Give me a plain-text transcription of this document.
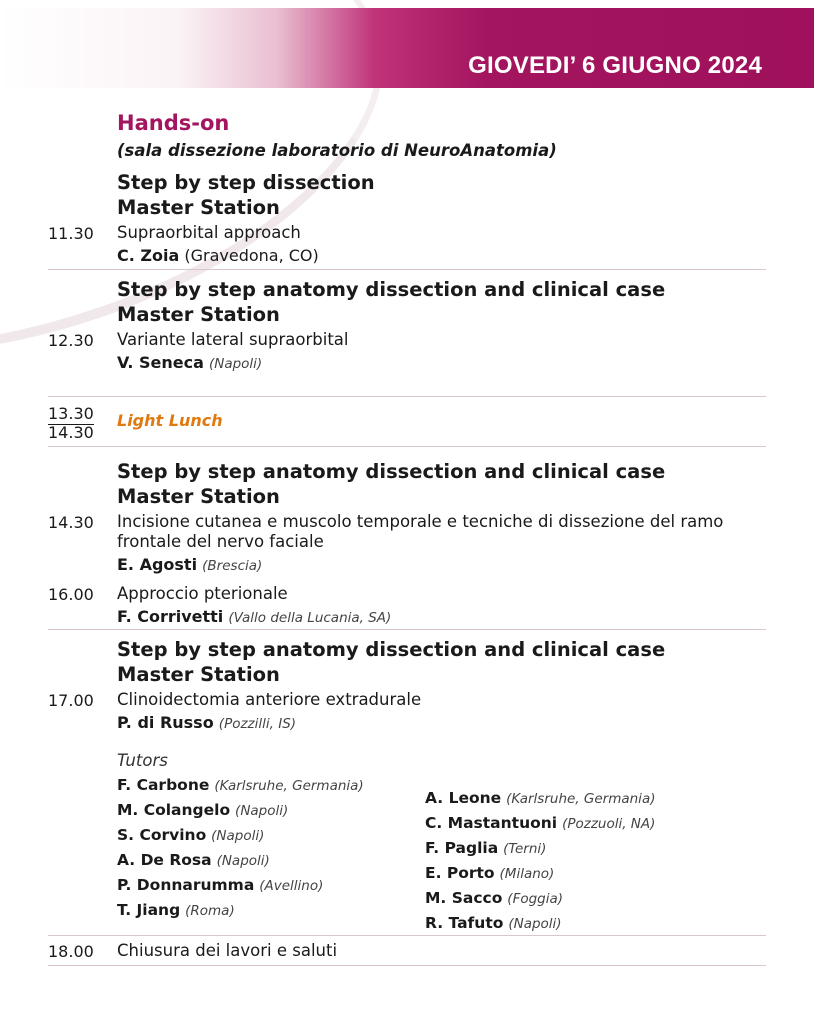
GIOVEDI’ 6 GIUGNO 2024
Hands-on
(sala dissezione laboratorio di NeuroAnatomia)
Step by step dissection
Master Station
11.30 Supraorbital approach
C. Zoia (Gravedona, CO)
Step by step anatomy dissection and clinical case
Master Station
12.30 Variante lateral supraorbital
V. Seneca (Napoli)
13.30
14.30
Light Lunch
Step by step anatomy dissection and clinical case
Master Station
14.30 Incisione cutanea e muscolo temporale e tecniche di dissezione del ramo
frontale del nervo faciale
E. Agosti (Brescia)
16.00 Approccio pterionale
F. Corrivetti (Vallo della Lucania, SA)
Step by step anatomy dissection and clinical case
Master Station
17.00 Clinoidectomia anteriore extradurale
P. di Russo (Pozzilli, IS)
Tutors
F. Carbone (Karlsruhe, Germania)
M. Colangelo (Napoli)
S. Corvino (Napoli)
A. De Rosa (Napoli)
P. Donnarumma (Avellino)
T. Jiang (Roma)
A. Leone (Karlsruhe, Germania)
C. Mastantuoni (Pozzuoli, NA)
F. Paglia (Terni)
E. Porto (Milano)
M. Sacco (Foggia)
R. Tafuto (Napoli)
18.00 Chiusura dei lavori e saluti
